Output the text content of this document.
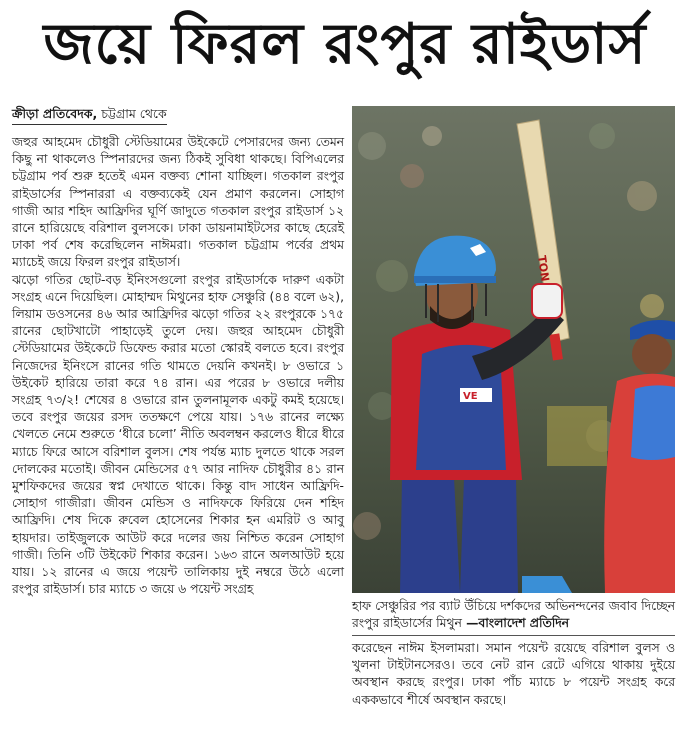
জয়ে ফিরল রংপুর রাইডার্স
ক্রীড়া প্রতিবেদক, চট্টগ্রাম থেকে

জহুর আহমেদ চৌধুরী স্টেডিয়ামের উইকেটে পেসারদের জন্য তেমন কিছু না থাকলেও স্পিনারদের জন্য ঠিকই সুবিধা থাকছে। বিপিএলের চট্টগ্রাম পর্ব শুরু হতেই এমন বক্তব্য শোনা যাচ্ছিল। গতকাল রংপুর রাইডার্সের স্পিনাররা এ বক্তব্যকেই যেন প্রমাণ করলেন। সোহাগ গাজী আর শহিদ আফ্রিদির ঘূর্ণি জাদুতে গতকাল রংপুর রাইডার্স ১২ রানে হারিয়েছে বরিশাল বুলসকে। ঢাকা ডায়নামাইটসের কাছে হেরেই ঢাকা পর্ব শেষ করেছিলেন নাঈমরা। গতকাল চট্টগ্রাম পর্বের প্রথম ম্যাচেই জয়ে ফিরল রংপুর রাইডার্স।

ঝড়ো গতির ছোট-বড় ইনিংসগুলো রংপুর রাইডার্সকে দারুণ একটা সংগ্রহ এনে দিয়েছিল। মোহাম্মদ মিথুনের হাফ সেঞ্চুরি (৪৪ বলে ৬২), লিয়াম ডওসনের ৪৬ আর আফ্রিদির ঝড়ো গতির ২২ রংপুরকে ১৭৫ রানের ছোটখাটো পাহাড়েই তুলে দেয়। জহুর আহমেদ চৌধুরী স্টেডিয়ামের উইকেটে ডিফেন্ড করার মতো স্কোরই বলতে হবে। রংপুর নিজেদের ইনিংসে রানের গতি থামতে দেয়নি কখনই। ৮ ওভারে ১ উইকেট হারিয়ে তারা করে ৭৪ রান। এর পরের ৮ ওভারে দলীয় সংগ্রহ ৭৩/২! শেষের ৪ ওভারে রান তুলনামূলক একটু কমই হয়েছে। তবে রংপুর জয়ের রসদ ততক্ষণে পেয়ে যায়। ১৭৬ রানের লক্ষ্যে খেলতে নেমে শুরুতে ‘ধীরে চলো’ নীতি অবলম্বন করলেও ধীরে ধীরে ম্যাচে ফিরে আসে বরিশাল বুলস। শেষ পর্যন্ত ম্যাচ দুলতে থাকে সরল দোলকের মতোই। জীবন মেন্ডিসের ৫৭ আর নাদিফ চৌধুরীর ৪১ রান মুশফিকদের জয়ের স্বপ্ন দেখাতে থাকে। কিন্তু বাদ সাধেন আফ্রিদি-সোহাগ গাজীরা। জীবন মেন্ডিস ও নাদিফকে ফিরিয়ে দেন শহিদ আফ্রিদি। শেষ দিকে রুবেল হোসেনের শিকার হন এমরিট ও আবু হায়দার। তাইজুলকে আউট করে দলের জয় নিশ্চিত করেন সোহাগ গাজী। তিনি ৩টি উইকেট শিকার করেন। ১৬৩ রানে অলআউট হয়ে যায়। ১২ রানের এ জয়ে পয়েন্ট তালিকায় দুই নম্বরে উঠে এলো রংপুর রাইডার্স। চার ম্যাচে ৩ জয়ে ৬ পয়েন্ট সংগ্রহ

TON
VE
হাফ সেঞ্চুরির পর ব্যাট উঁচিয়ে দর্শকদের অভিনন্দনের জবাব দিচ্ছেন রংপুর রাইডার্সের মিথুন —বাংলাদেশ প্রতিদিন

করেছেন নাঈম ইসলামরা। সমান পয়েন্ট রয়েছে বরিশাল বুলস ও খুলনা টাইটানসেরও। তবে নেট রান রেটে এগিয়ে থাকায় দুইয়ে অবস্থান করছে রংপুর। ঢাকা পাঁচ ম্যাচে ৮ পয়েন্ট সংগ্রহ করে এককভাবে শীর্ষে অবস্থান করছে।
